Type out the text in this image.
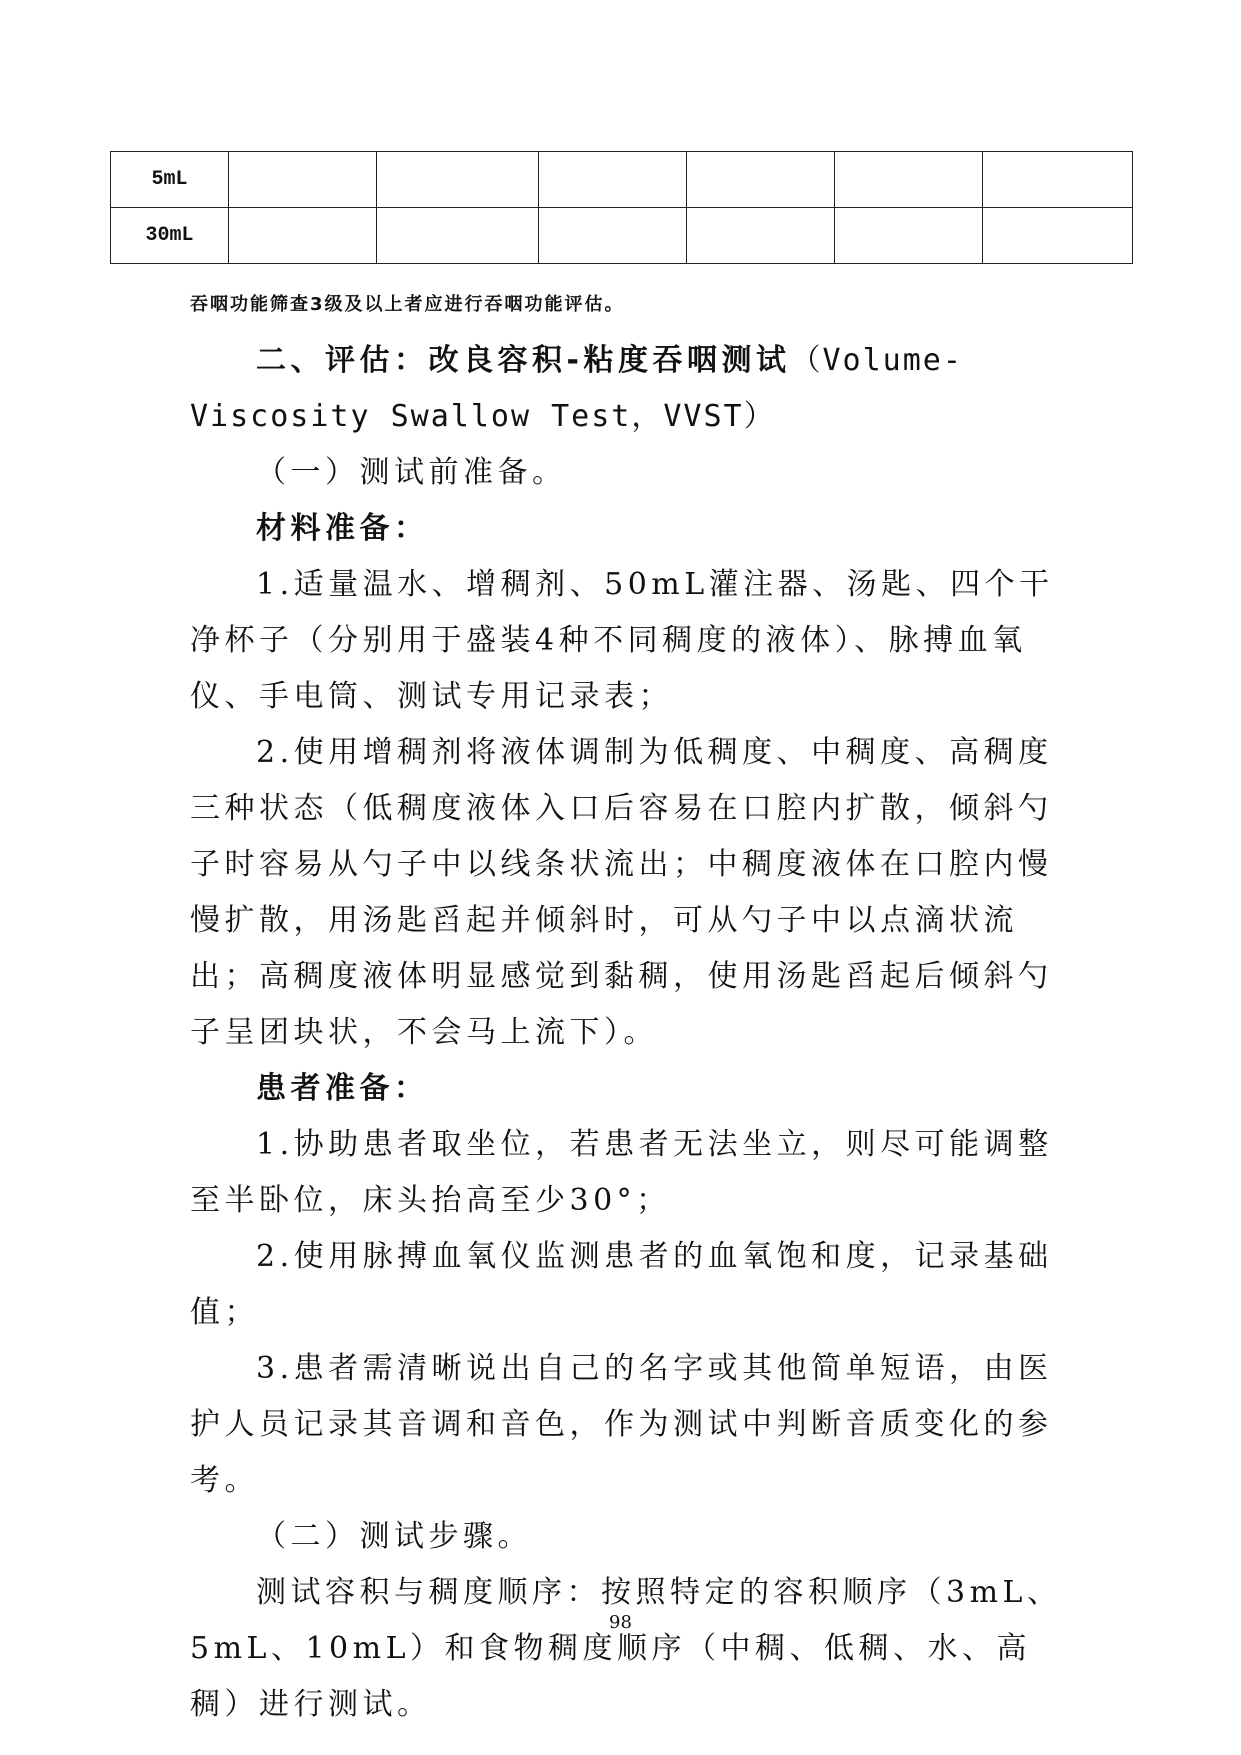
5mL						
30mL						
吞咽功能筛查3级及以上者应进行吞咽功能评估。

二、评估：改良容积-粘度吞咽测试（Volume-Viscosity Swallow Test，VVST）

（一）测试前准备。

材料准备：

1.适量温水、增稠剂、50mL灌注器、汤匙、四个干净杯子（分别用于盛装4种不同稠度的液体）、脉搏血氧仪、手电筒、测试专用记录表；

2.使用增稠剂将液体调制为低稠度、中稠度、高稠度三种状态（低稠度液体入口后容易在口腔内扩散，倾斜勺子时容易从勺子中以线条状流出；中稠度液体在口腔内慢慢扩散，用汤匙舀起并倾斜时，可从勺子中以点滴状流出；高稠度液体明显感觉到黏稠，使用汤匙舀起后倾斜勺子呈团块状，不会马上流下）。

患者准备：

1.协助患者取坐位，若患者无法坐立，则尽可能调整至半卧位，床头抬高至少30°；

2.使用脉搏血氧仪监测患者的血氧饱和度，记录基础值；

3.患者需清晰说出自己的名字或其他简单短语，由医护人员记录其音调和音色，作为测试中判断音质变化的参考。

（二）测试步骤。

测试容积与稠度顺序：按照特定的容积顺序（3mL、5mL、10mL）和食物稠度顺序（中稠、低稠、水、高稠）进行测试。

98
